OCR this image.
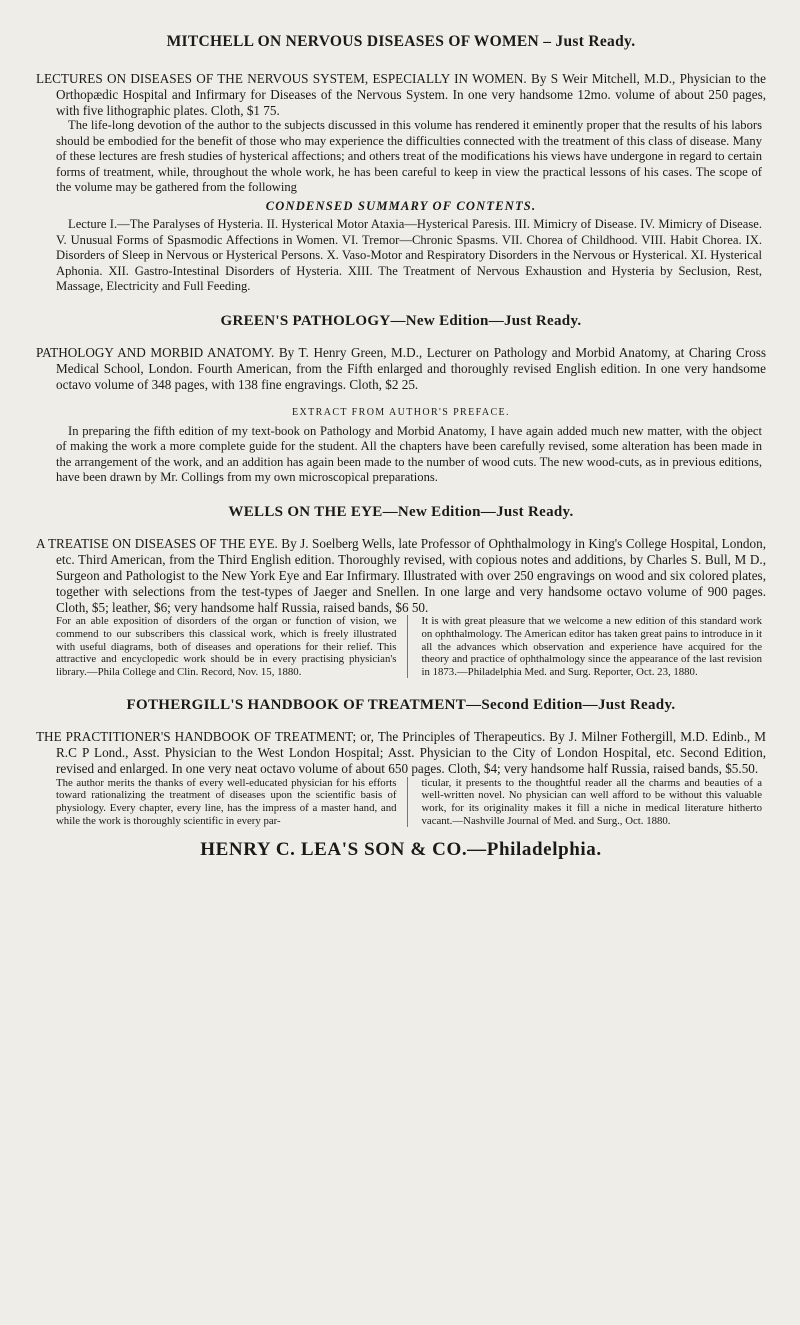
MITCHELL ON NERVOUS DISEASES OF WOMEN – Just Ready.

LECTURES ON DISEASES OF THE NERVOUS SYSTEM, ESPECIALLY IN WOMEN. By S Weir Mitchell, M.D., Physician to the Orthopædic Hospital and Infirmary for Diseases of the Nervous System. In one very handsome 12mo. volume of about 250 pages, with five lithographic plates. Cloth, $1 75.

The life-long devotion of the author to the subjects discussed in this volume has rendered it eminently proper that the results of his labors should be embodied for the benefit of those who may experience the difficulties connected with the treatment of this class of disease. Many of these lectures are fresh studies of hysterical affections; and others treat of the modifications his views have undergone in regard to certain forms of treatment, while, throughout the whole work, he has been careful to keep in view the practical lessons of his cases. The scope of the volume may be gathered from the following

CONDENSED SUMMARY OF CONTENTS.

Lecture I.—The Paralyses of Hysteria. II. Hysterical Motor Ataxia—Hysterical Paresis. III. Mimicry of Disease. IV. Mimicry of Disease. V. Unusual Forms of Spasmodic Affections in Women. VI. Tremor—Chronic Spasms. VII. Chorea of Childhood. VIII. Habit Chorea. IX. Disorders of Sleep in Nervous or Hysterical Persons. X. Vaso-Motor and Respiratory Disorders in the Nervous or Hysterical. XI. Hysterical Aphonia. XII. Gastro-Intestinal Disorders of Hysteria. XIII. The Treatment of Nervous Exhaustion and Hysteria by Seclusion, Rest, Massage, Electricity and Full Feeding.

GREEN'S PATHOLOGY—New Edition—Just Ready.

PATHOLOGY AND MORBID ANATOMY. By T. Henry Green, M.D., Lecturer on Pathology and Morbid Anatomy, at Charing Cross Medical School, London. Fourth American, from the Fifth enlarged and thoroughly revised English edition. In one very handsome octavo volume of 348 pages, with 138 fine engravings. Cloth, $2 25.

EXTRACT FROM AUTHOR'S PREFACE.

In preparing the fifth edition of my text-book on Pathology and Morbid Anatomy, I have again added much new matter, with the object of making the work a more complete guide for the student. All the chapters have been carefully revised, some alteration has been made in the arrangement of the work, and an addition has again been made to the number of wood cuts. The new wood-cuts, as in previous editions, have been drawn by Mr. Collings from my own microscopical preparations.

WELLS ON THE EYE—New Edition—Just Ready.

A TREATISE ON DISEASES OF THE EYE. By J. Soelberg Wells, late Professor of Ophthalmology in King's College Hospital, London, etc. Third American, from the Third English edition. Thoroughly revised, with copious notes and additions, by Charles S. Bull, M D., Surgeon and Pathologist to the New York Eye and Ear Infirmary. Illustrated with over 250 engravings on wood and six colored plates, together with selections from the test-types of Jaeger and Snellen. In one large and very handsome octavo volume of 900 pages. Cloth, $5; leather, $6; very handsome half Russia, raised bands, $6 50.

For an able exposition of disorders of the organ or function of vision, we commend to our subscribers this classical work, which is freely illustrated with useful diagrams, both of diseases and operations for their relief. This attractive and encyclopedic work should be in every practising physician's library.—Phila College and Clin. Record, Nov. 15, 1880.
It is with great pleasure that we welcome a new edition of this standard work on ophthalmology. The American editor has taken great pains to introduce in it all the advances which observation and experience have acquired for the theory and practice of ophthalmology since the appearance of the last revision in 1873.—Philadelphia Med. and Surg. Reporter, Oct. 23, 1880.
FOTHERGILL'S HANDBOOK OF TREATMENT—Second Edition—Just Ready.

THE PRACTITIONER'S HANDBOOK OF TREATMENT; or, The Principles of Therapeutics. By J. Milner Fothergill, M.D. Edinb., M R.C P Lond., Asst. Physician to the West London Hospital; Asst. Physician to the City of London Hospital, etc. Second Edition, revised and enlarged. In one very neat octavo volume of about 650 pages. Cloth, $4; very handsome half Russia, raised bands, $5.50.

The author merits the thanks of every well-educated physician for his efforts toward rationalizing the treatment of diseases upon the scientific basis of physiology. Every chapter, every line, has the impress of a master hand, and while the work is thoroughly scientific in every par-
ticular, it presents to the thoughtful reader all the charms and beauties of a well-written novel. No physician can well afford to be without this valuable work, for its originality makes it fill a niche in medical literature hitherto vacant.—Nashville Journal of Med. and Surg., Oct. 1880.
HENRY C. LEA'S SON & CO.—Philadelphia.
